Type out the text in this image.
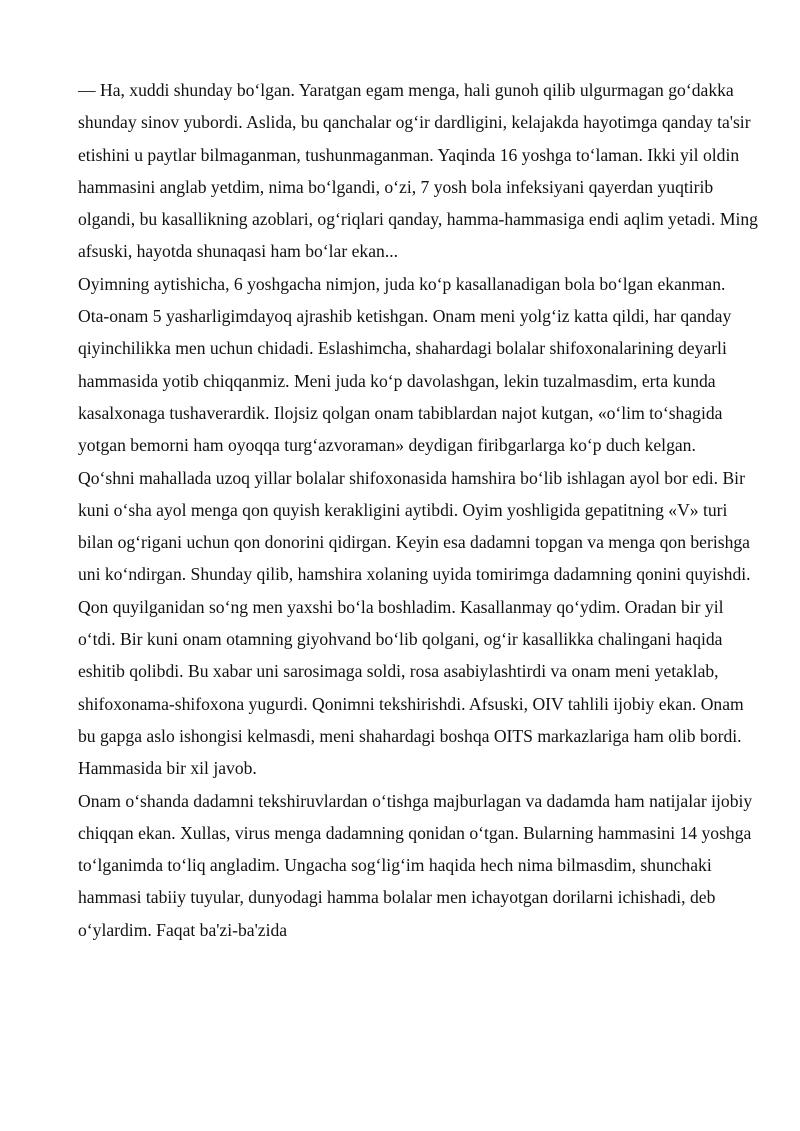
— Ha, xuddi shunday boʻlgan. Yaratgan egam menga, hali gunoh qilib ulgurmagan goʻdakka shunday sinov yubordi. Aslida, bu qanchalar ogʻir dardligini, kelajakda hayotimga qanday ta'sir etishini u paytlar bilmaganman, tushunmaganman. Yaqinda 16 yoshga toʻlaman. Ikki yil oldin hammasini anglab yetdim, nima boʻlgandi, oʻzi, 7 yosh bola infeksiyani qayerdan yuqtirib olgandi, bu kasallikning azoblari, ogʻriqlari qanday, hamma-hammasiga endi aqlim yetadi. Ming afsuski, hayotda shunaqasi ham boʻlar ekan...

Oyimning aytishicha, 6 yoshgacha nimjon, juda koʻp kasallanadigan bola boʻlgan ekanman. Ota-onam 5 yasharligimdayoq ajrashib ketishgan. Onam meni yolgʻiz katta qildi, har qanday qiyinchilikka men uchun chidadi. Eslashimcha, shahardagi bolalar shifoxonalarining deyarli hammasida yotib chiqqanmiz. Meni juda koʻp davolashgan, lekin tuzalmasdim, erta kunda kasalxonaga tushaverardik. Ilojsiz qolgan onam tabiblardan najot kutgan, «oʻlim toʻshagida yotgan bemorni ham oyoqqa turgʻazvoraman» deydigan firibgarlarga koʻp duch kelgan.

Qoʻshni mahallada uzoq yillar bolalar shifoxonasida hamshira boʻlib ishlagan ayol bor edi. Bir kuni oʻsha ayol menga qon quyish kerakligini aytibdi. Oyim yoshligida gepatitning «V» turi bilan ogʻrigani uchun qon donorini qidirgan. Keyin esa dadamni topgan va menga qon berishga uni koʻndirgan. Shunday qilib, hamshira xolaning uyida tomirimga dadamning qonini quyishdi. Qon quyilganidan soʻng men yaxshi boʻla boshladim. Kasallanmay qoʻydim. Oradan bir yil oʻtdi. Bir kuni onam otamning giyohvand boʻlib qolgani, ogʻir kasallikka chalingani haqida eshitib qolibdi. Bu xabar uni sarosimaga soldi, rosa asabiylashtirdi va onam meni yetaklab, shifoxonama-shifoxona yugurdi. Qonimni tekshirishdi. Afsuski, OIV tahlili ijobiy ekan. Onam bu gapga aslo ishongisi kelmasdi, meni shahardagi boshqa OITS markazlariga ham olib bordi. Hammasida bir xil javob.

Onam oʻshanda dadamni tekshiruvlardan oʻtishga majburlagan va dadamda ham natijalar ijobiy chiqqan ekan. Xullas, virus menga dadamning qonidan oʻtgan. Bularning hammasini 14 yoshga toʻlganimda toʻliq angladim. Ungacha sogʻligʻim haqida hech nima bilmasdim, shunchaki hammasi tabiiy tuyular, dunyodagi hamma bolalar men ichayotgan dorilarni ichishadi, deb oʻylardim. Faqat ba'zi-ba'zida
